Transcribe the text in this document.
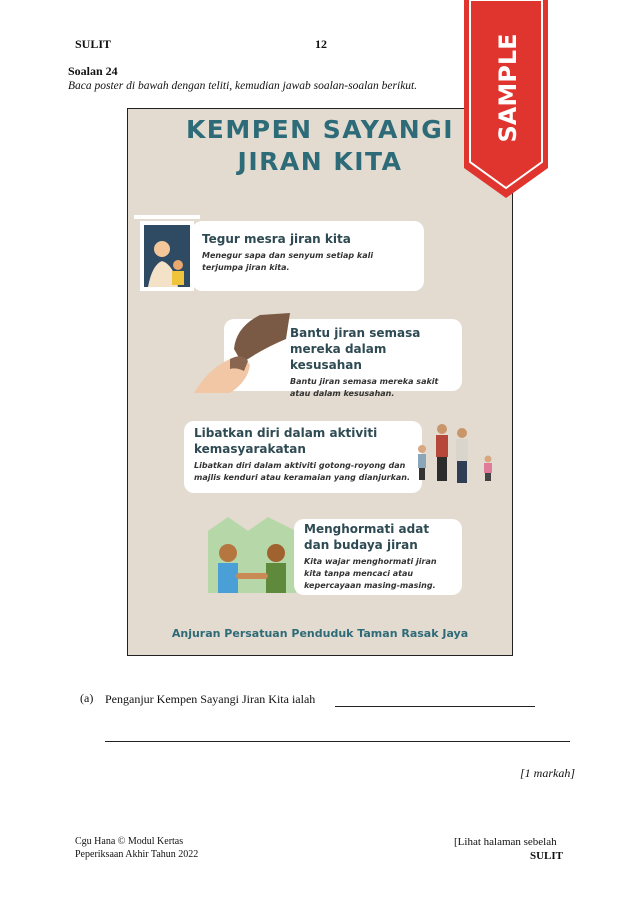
SULIT	12
Soalan 24
Baca poster di bawah dengan teliti, kemudian jawab soalan-soalan berikut.
KEMPEN SAYANGI
JIRAN KITA
Tegur mesra jiran kita
Menegur sapa dan senyum setiap kali terjumpa jiran kita.
Bantu jiran semasa mereka dalam kesusahan
Bantu jiran semasa mereka sakit atau dalam kesusahan.
Libatkan diri dalam aktiviti kemasyarakatan
Libatkan diri dalam aktiviti gotong-royong dan majlis kenduri atau keramaian yang dianjurkan.
Menghormati adat dan budaya jiran
Kita wajar menghormati jiran kita tanpa mencaci atau kepercayaan masing-masing.
Anjuran Persatuan Penduduk Taman Rasak Jaya
SAMPLE
(a) Penganjur Kempen Sayangi Jiran Kita ialah
[1 markah]
Cgu Hana © Modul Kertas
Peperiksaan Akhir Tahun 2022
[Lihat halaman sebelah
SULIT
